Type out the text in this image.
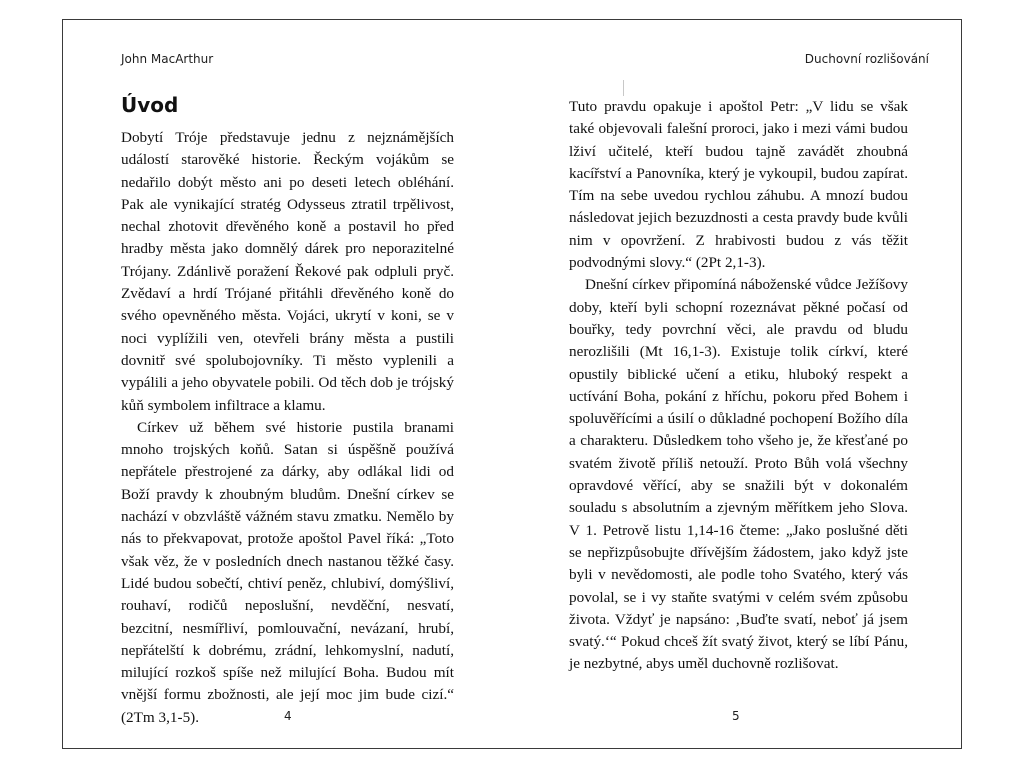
John MacArthur
Úvod

Dobytí Tróje představuje jednu z nejznámějších událostí starověké historie. Řeckým vojákům se nedařilo dobýt město ani po deseti letech obléhání. Pak ale vynikající stratég Odysseus ztratil trpělivost, nechal zhotovit dřevěného koně a postavil ho před hradby města jako domnělý dárek pro neporazitelné Trójany. Zdánlivě poražení Řekové pak odpluli pryč. Zvědaví a hrdí Trójané přitáhli dřevěného koně do svého opevněného města. Vojáci, ukrytí v koni, se v noci vyplížili ven, otevřeli brány města a pustili dovnitř své spolubojovníky. Ti město vyplenili a vypálili a jeho obyvatele pobili. Od těch dob je trójský kůň symbolem infiltrace a klamu.

Církev už během své historie pustila branami mnoho trojských koňů. Satan si úspěšně používá nepřátele přestrojené za dárky, aby odlákal lidi od Boží pravdy k zhoubným bludům. Dnešní církev se nachází v obzvláště vážném stavu zmatku. Nemělo by nás to překvapovat, protože apoštol Pavel říká: „Toto však věz, že v posledních dnech nastanou těžké časy. Lidé budou sobečtí, chtiví peněz, chlubiví, domýšliví, rouhaví, rodičů neposlušní, nevděční, nesvatí, bezcitní, nesmířliví, pomlouvační, nevázaní, hrubí, nepřátelští k dobrému, zrádní, lehkomyslní, nadutí, milující rozkoš spíše než milující Boha. Budou mít vnější formu zbožnosti, ale její moc jim bude cizí.“ (2Tm 3,1-5).	4
Duchovní rozlišování

Tuto pravdu opakuje i apoštol Petr: „V lidu se však také objevovali falešní proroci, jako i mezi vámi budou lživí učitelé, kteří budou tajně zavádět zhoubná kacířství a Panovníka, který je vykoupil, budou zapírat. Tím na sebe uvedou rychlou záhubu. A mnozí budou následovat jejich bezuzdnosti a cesta pravdy bude kvůli nim v opovržení. Z hrabivosti budou z vás těžit podvodnými slovy.“ (2Pt 2,1-3).

Dnešní církev připomíná náboženské vůdce Ježíšovy doby, kteří byli schopní rozeznávat pěkné počasí od bouřky, tedy povrchní věci, ale pravdu od bludu nerozlišili (Mt 16,1-3). Existuje tolik církví, které opustily biblické učení a etiku, hluboký respekt a uctívání Boha, pokání z hříchu, pokoru před Bohem i spoluvěřícími a úsilí o důkladné pochopení Božího díla a charakteru. Důsledkem toho všeho je, že křesťané po svatém životě příliš netouží. Proto Bůh volá všechny opravdové věřící, aby se snažili být v dokonalém souladu s absolutním a zjevným měřítkem jeho Slova. V 1. Petrově listu 1,14-16 čteme: „Jako poslušné děti se nepřizpůsobujte dřívějším žádostem, jako když jste byli v nevědomosti, ale podle toho Svatého, který vás povolal, se i vy staňte svatými v celém svém způsobu života. Vždyť je napsáno: ‚Buďte svatí, neboť já jsem svatý.‘“ Pokud chceš žít svatý život, který se líbí Pánu, je nezbytné, abys uměl duchovně rozlišovat.

5
